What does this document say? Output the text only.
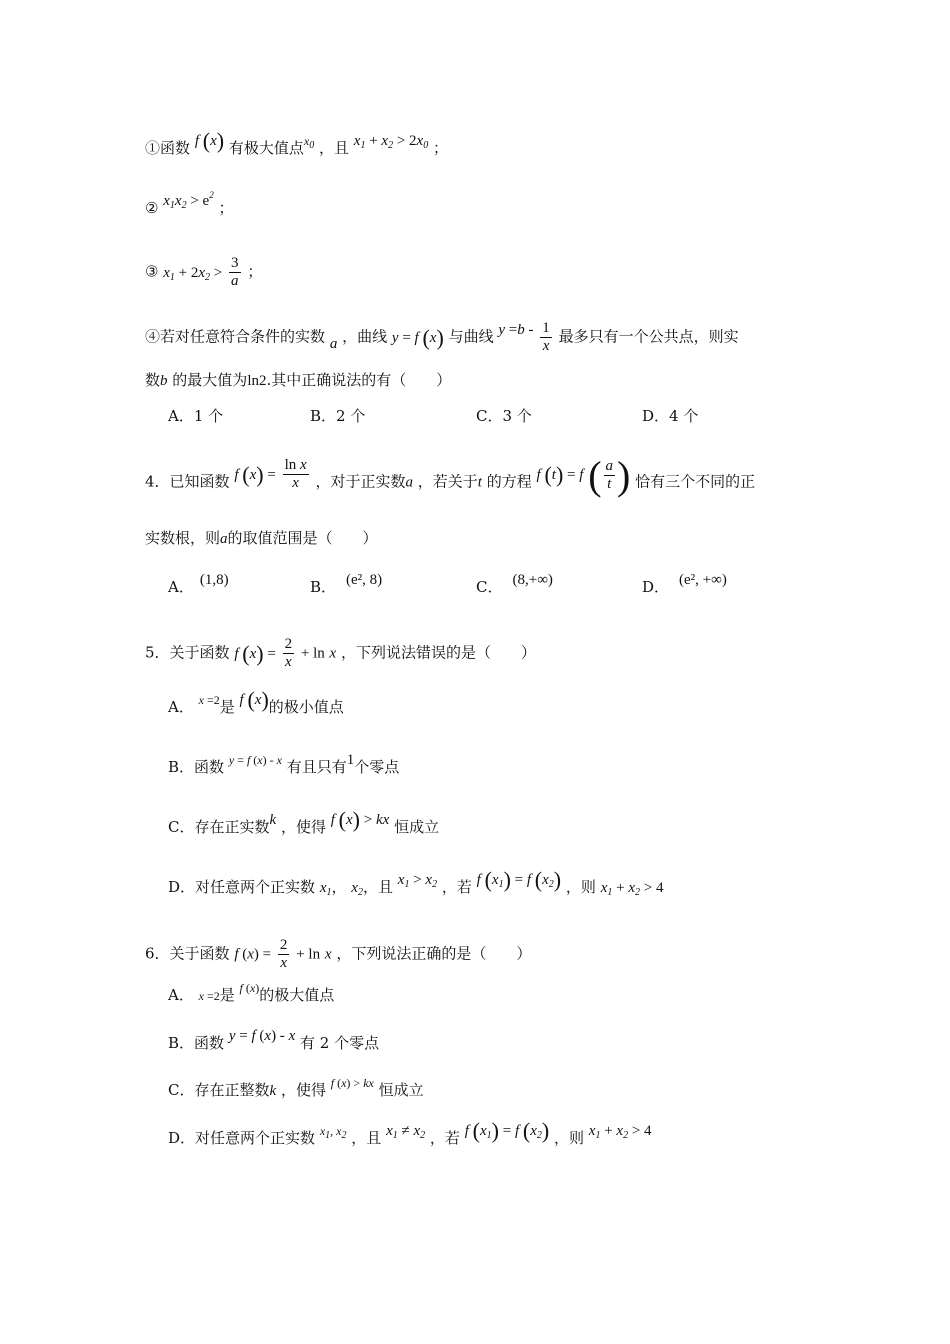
①函数 f (x) 有极大值点$x_0$ ，且 $x_1 + x_2 > 2x_0$ ；
② $x_1x_2 > e^2$ ；
③ $x_1 + 2x_2 > \frac{3}{a}$ ；
④若对任意符合条件的实数 a ，曲线 y = f (x) 与曲线 $y =b - \frac{1}{x}$ 最多只有一个公共点，则实
数b 的最大值为ln2.其中正确说法的有（　　）
A．1 个	B．2 个	C．3 个	D．4 个
4．已知函数 f $(x) = \frac{\text{ln x}}{x}$ ，对于正实数a ，若关于t 的方程 f (t) = f ( $\frac{a}{t}$ ) 恰有三个不同的正
实数根，则a的取值范围是（　　）
A． (1,8)	B． (e², 8)	C． (8,+∞)	D． (e², +∞)
5．关于函数 f $(x) = \frac{2}{x} + \ln x$ ，下列说法错误的是（　　）
A． $^{x =2}$是 f (x)的极小值点
B．函数 $^{y = f (x) - x}$ 有且只有1个零点
C．存在正实数k ，使得 f (x) > kx 恒成立
D．对任意两个正实数 $x_1$， $x_2$，且 $x_1 > x_2$ ，若 f $(x_1) = f$ $(x_2)$ ，则 $x_1 + x_2 > 4$
6．关于函数 f $(x) = \frac{2}{x} + \ln x$ ，下列说法正确的是（　　）
A． x =2是 $^{f (x)}$的极大值点
B．函数 y = f (x) - x 有 2 个零点
C．存在正整数k ，使得 $^{f (x) > kx}$ 恒成立
D．对任意两个正实数 $^{x_1, x_2}$ ，且 $x_1 \ne x_2$ ，若 f $(x_1) = f$ $(x_2)$ ，则 $x_1 + x_2 > 4$
